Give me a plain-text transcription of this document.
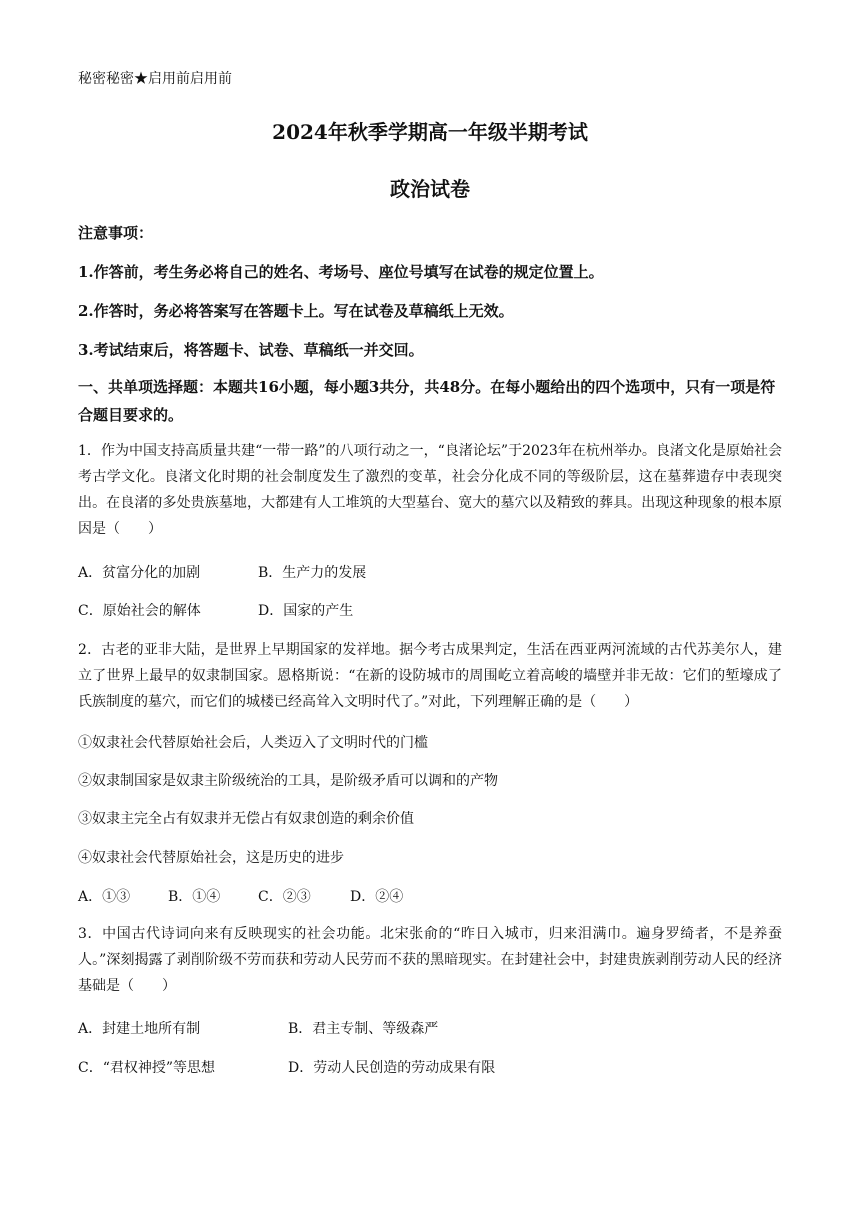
秘密秘密★启用前启用前
2024年秋季学期高一年级半期考试
政治试卷
注意事项：
1.作答前，考生务必将自己的姓名、考场号、座位号填写在试卷的规定位置上。
2.作答时，务必将答案写在答题卡上。写在试卷及草稿纸上无效。
3.考试结束后，将答题卡、试卷、草稿纸一并交回。
一、共单项选择题：本题共16小题，每小题3共分，共48分。在每小题给出的四个选项中，只有一项是符合题目要求的。
1．作为中国支持高质量共建“一带一路”的八项行动之一，“良渚论坛”于2023年在杭州举办。良渚文化是原始社会考古学文化。良渚文化时期的社会制度发生了激烈的变革，社会分化成不同的等级阶层，这在墓葬遗存中表现突出。在良渚的多处贵族墓地，大都建有人工堆筑的大型墓台、宽大的墓穴以及精致的葬具。出现这种现象的根本原因是（　　）
A．贫富分化的加剧	B．生产力的发展
C．原始社会的解体	D．国家的产生
2．古老的亚非大陆，是世界上早期国家的发祥地。据今考古成果判定，生活在西亚两河流域的古代苏美尔人，建立了世界上最早的奴隶制国家。恩格斯说：“在新的设防城市的周围屹立着高峻的墙壁并非无故：它们的堑壕成了氏族制度的墓穴，而它们的城楼已经高耸入文明时代了。”对此，下列理解正确的是（　　）
①奴隶社会代替原始社会后，人类迈入了文明时代的门槛
②奴隶制国家是奴隶主阶级统治的工具，是阶级矛盾可以调和的产物
③奴隶主完全占有奴隶并无偿占有奴隶创造的剩余价值
④奴隶社会代替原始社会，这是历史的进步
A．①③	B．①④	C．②③	D．②④
3．中国古代诗词向来有反映现实的社会功能。北宋张俞的“昨日入城市，归来泪满巾。遍身罗绮者，不是养蚕人。”深刻揭露了剥削阶级不劳而获和劳动人民劳而不获的黑暗现实。在封建社会中，封建贵族剥削劳动人民的经济基础是（　　）
A．封建土地所有制	B．君主专制、等级森严
C．“君权神授”等思想	D．劳动人民创造的劳动成果有限
